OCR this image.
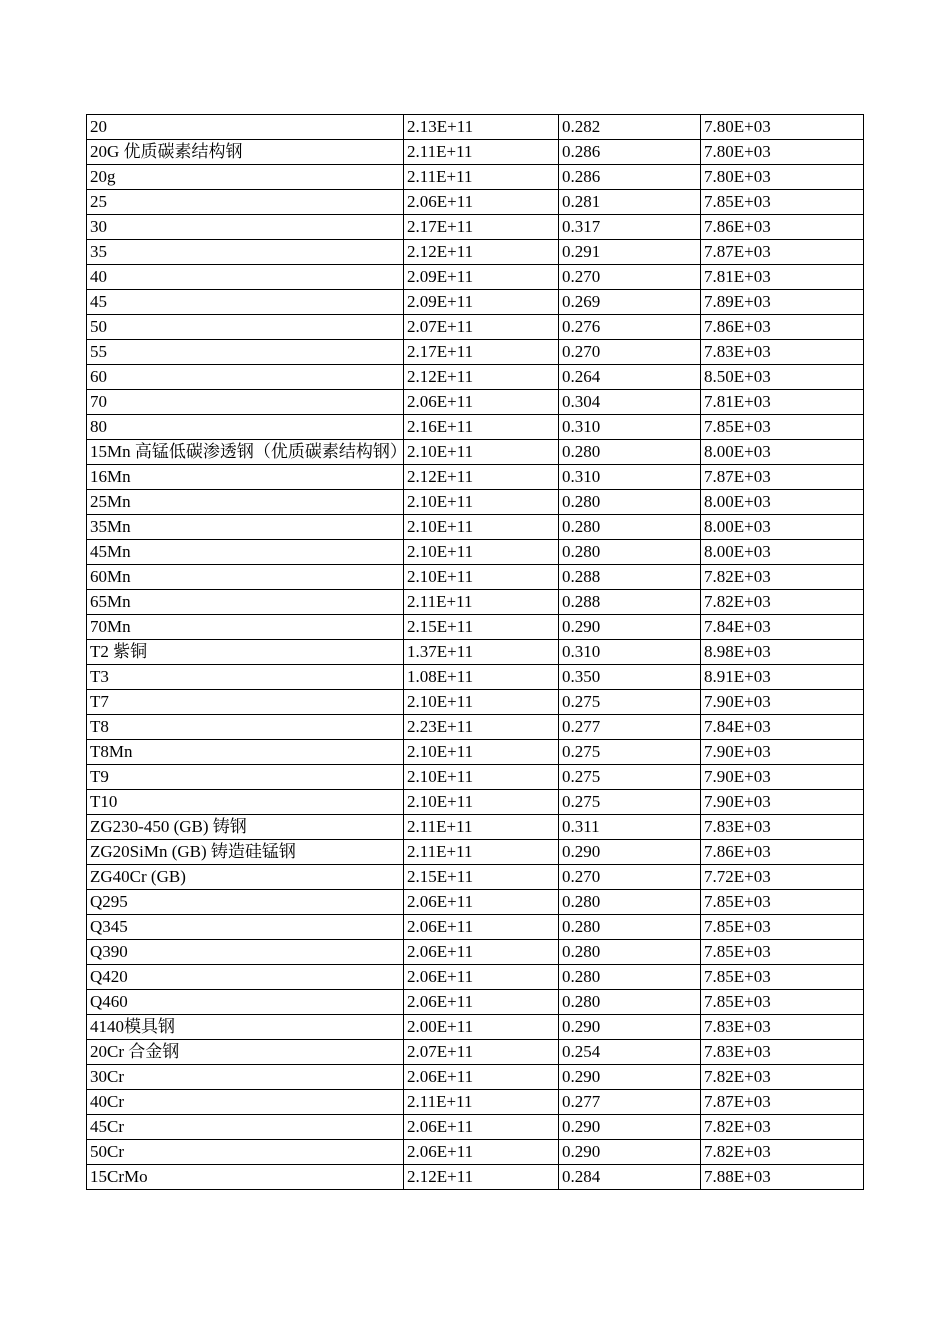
20	2.13E+11	0.282	7.80E+03
20G 优质碳素结构钢	2.11E+11	0.286	7.80E+03
20g	2.11E+11	0.286	7.80E+03
25	2.06E+11	0.281	7.85E+03
30	2.17E+11	0.317	7.86E+03
35	2.12E+11	0.291	7.87E+03
40	2.09E+11	0.270	7.81E+03
45	2.09E+11	0.269	7.89E+03
50	2.07E+11	0.276	7.86E+03
55	2.17E+11	0.270	7.83E+03
60	2.12E+11	0.264	8.50E+03
70	2.06E+11	0.304	7.81E+03
80	2.16E+11	0.310	7.85E+03
15Mn 高锰低碳渗透钢（优质碳素结构钢）	2.10E+11	0.280	8.00E+03
16Mn	2.12E+11	0.310	7.87E+03
25Mn	2.10E+11	0.280	8.00E+03
35Mn	2.10E+11	0.280	8.00E+03
45Mn	2.10E+11	0.280	8.00E+03
60Mn	2.10E+11	0.288	7.82E+03
65Mn	2.11E+11	0.288	7.82E+03
70Mn	2.15E+11	0.290	7.84E+03
T2 紫铜	1.37E+11	0.310	8.98E+03
T3	1.08E+11	0.350	8.91E+03
T7	2.10E+11	0.275	7.90E+03
T8	2.23E+11	0.277	7.84E+03
T8Mn	2.10E+11	0.275	7.90E+03
T9	2.10E+11	0.275	7.90E+03
T10	2.10E+11	0.275	7.90E+03
ZG230-450 (GB) 铸钢	2.11E+11	0.311	7.83E+03
ZG20SiMn (GB) 铸造硅锰钢	2.11E+11	0.290	7.86E+03
ZG40Cr (GB)	2.15E+11	0.270	7.72E+03
Q295	2.06E+11	0.280	7.85E+03
Q345	2.06E+11	0.280	7.85E+03
Q390	2.06E+11	0.280	7.85E+03
Q420	2.06E+11	0.280	7.85E+03
Q460	2.06E+11	0.280	7.85E+03
4140模具钢	2.00E+11	0.290	7.83E+03
20Cr 合金钢	2.07E+11	0.254	7.83E+03
30Cr	2.06E+11	0.290	7.82E+03
40Cr	2.11E+11	0.277	7.87E+03
45Cr	2.06E+11	0.290	7.82E+03
50Cr	2.06E+11	0.290	7.82E+03
15CrMo	2.12E+11	0.284	7.88E+03
